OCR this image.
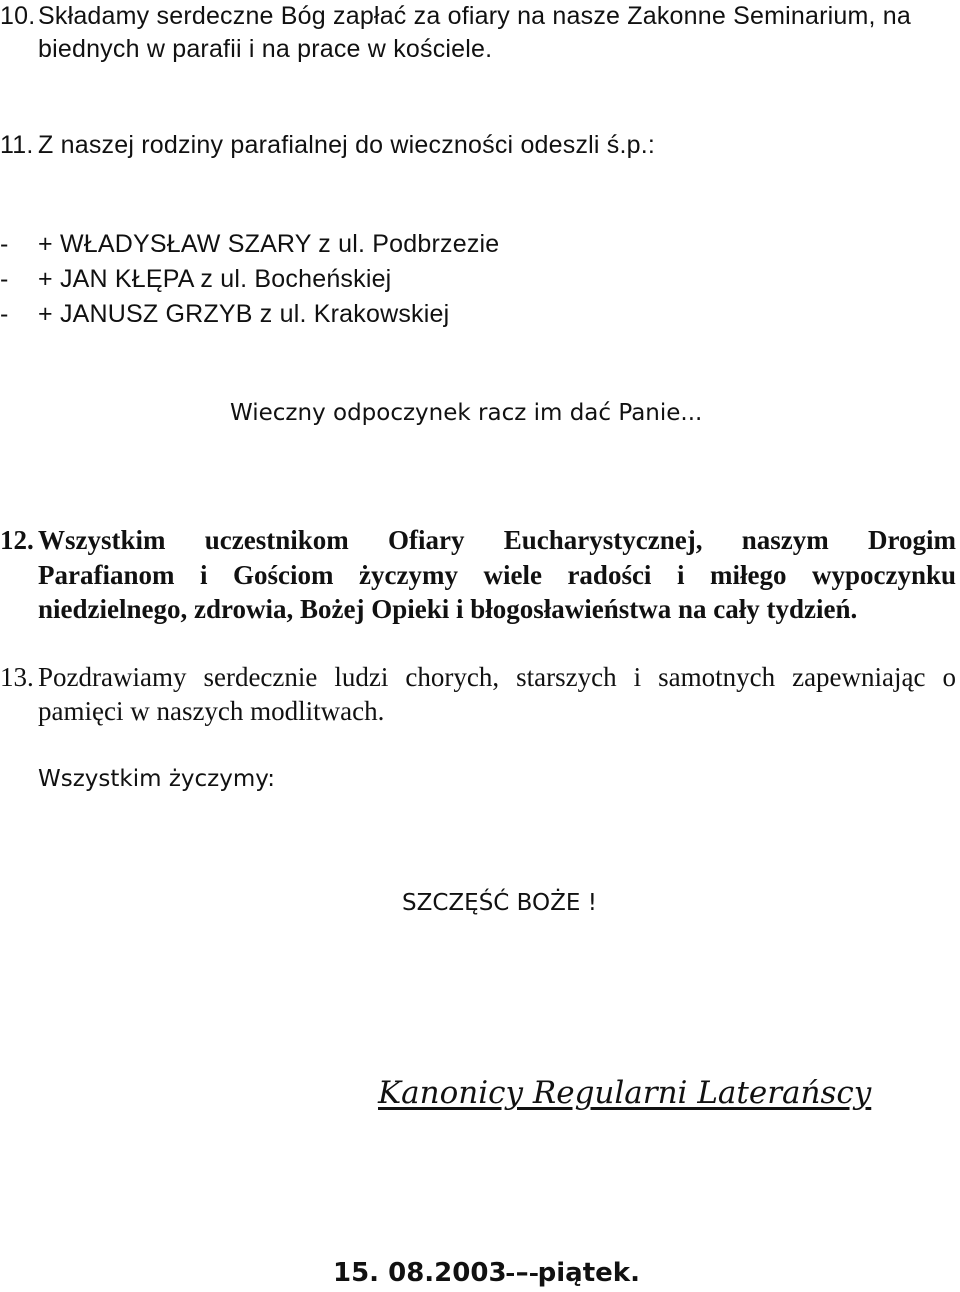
10. Składamy serdeczne Bóg zapłać za ofiary na nasze Zakonne Seminarium, na
biednych w parafii i na prace w kościele.
11. Z naszej rodziny parafialnej do wieczności odeszli ś.p.:
- + WŁADYSŁAW SZARY z ul. Podbrzezie
- + JAN KŁĘPA z ul. Bocheńskiej
- + JANUSZ GRZYB z ul. Krakowskiej
Wieczny odpoczynek racz im dać Panie...
12. Wszystkim uczestnikom Ofiary Eucharystycznej, naszym Drogim
Parafianom i Gościom życzymy wiele radości i miłego wypoczynku
niedzielnego, zdrowia, Bożej Opieki i błogosławieństwa na cały tydzień.
13. Pozdrawiamy serdecznie ludzi chorych, starszych i samotnych zapewniając o
pamięci w naszych modlitwach.
Wszystkim życzymy:
SZCZĘŚĆ BOŻE !
Kanonicy Regularni Laterańscy
15. 08.2003 – piątek.
